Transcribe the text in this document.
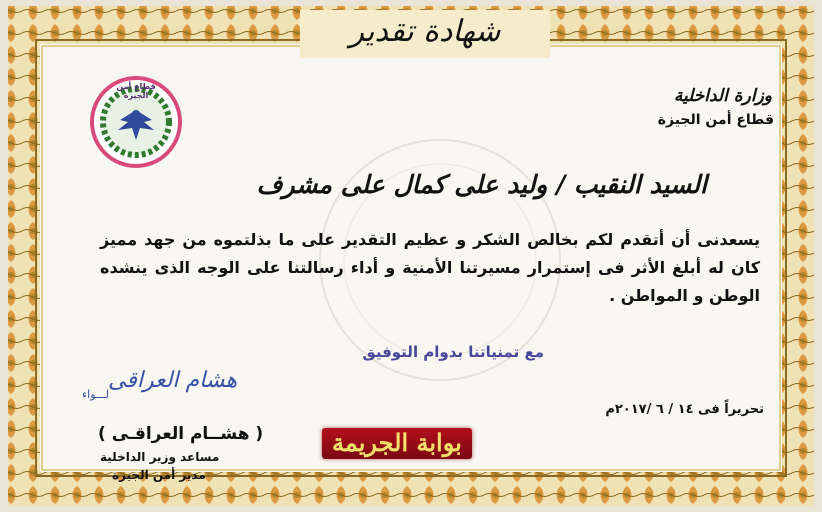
شهادة تقدير
وزارة الداخلية
قطاع أمن الجيزة
قطاع أمن الجيزة
السيد النقيب / وليد على كمال على مشرف
يسعدنى أن أتقدم لكم بخالص الشكر و عظيم التقدير على ما بذلتموه من جهد مميز كان له أبلغ الأثر فى إستمرار مسيرتنا الأمنية و أداء رسالتنا على الوجه الذى ينشده الوطن و المواطن .
مع تمنياتنا بدوام التوفيق
تحريراً فى ١٤ / ٦ /٢٠١٧م
هشام العراقى
لـــواء
( هشــام العراقـى )
مساعد وزير الداخلية
مدير أمن الجيزة
بوابة الجريمة
